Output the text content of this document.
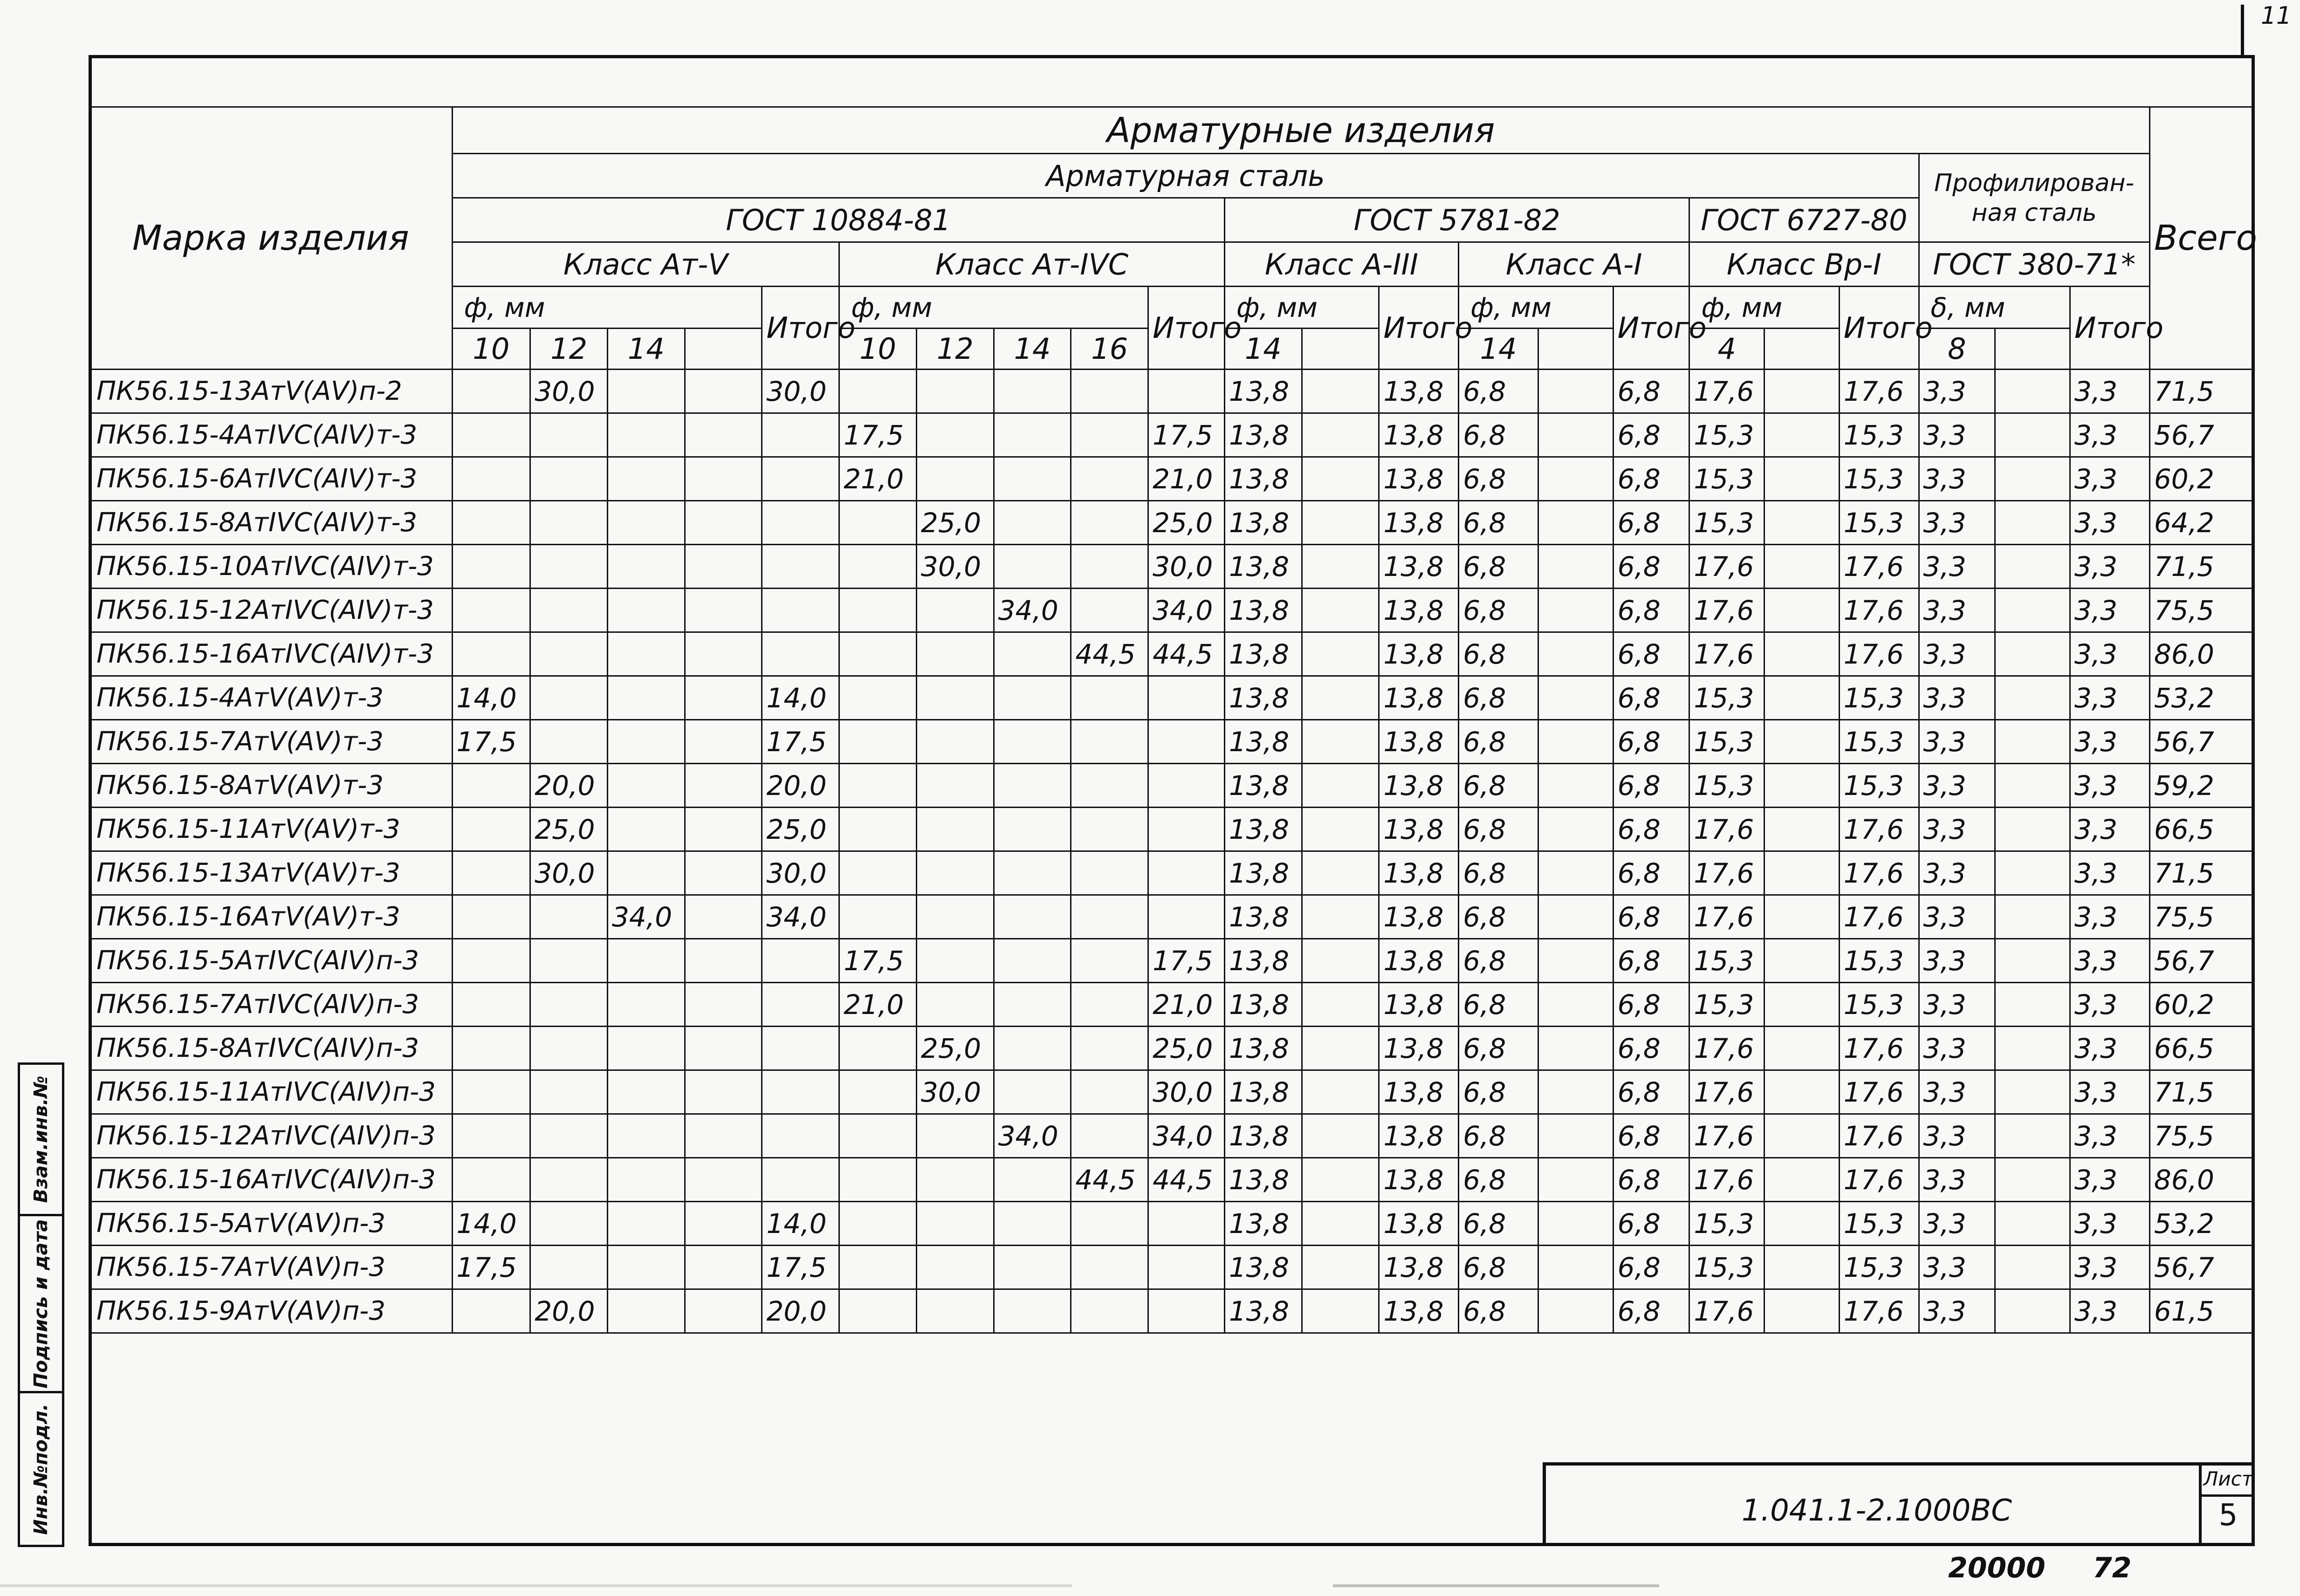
11
Марка изделия	Арматурные изделия																						Всего
	Арматурная сталь																			Профилирован-ная сталь			
	ГОСТ 10884-81										ГОСТ 5781-82						ГОСТ 6727-80						
	Класс Ат-V					Класс Ат-IVC					Класс А-III			Класс А-I			Класс Вр-I			ГОСТ 380-71*			
	ф, мм				Итого	ф, мм				Итого	ф, мм		Итого	ф, мм		Итого	ф, мм		Итого	δ, мм		Итого	
	10	12	14			10	12	14	16		14			14			4			8			
ПК56.15-13АтV(АV)п-2		30,0			30,0						13,8		13,8	6,8		6,8	17,6		17,6	3,3		3,3	71,5
ПК56.15-4АтIVC(АIV)т-3						17,5				17,5	13,8		13,8	6,8		6,8	15,3		15,3	3,3		3,3	56,7
ПК56.15-6АтIVC(АIV)т-3						21,0				21,0	13,8		13,8	6,8		6,8	15,3		15,3	3,3		3,3	60,2
ПК56.15-8АтIVC(АIV)т-3							25,0			25,0	13,8		13,8	6,8		6,8	15,3		15,3	3,3		3,3	64,2
ПК56.15-10АтIVC(АIV)т-3							30,0			30,0	13,8		13,8	6,8		6,8	17,6		17,6	3,3		3,3	71,5
ПК56.15-12АтIVC(АIV)т-3								34,0		34,0	13,8		13,8	6,8		6,8	17,6		17,6	3,3		3,3	75,5
ПК56.15-16АтIVC(АIV)т-3									44,5	44,5	13,8		13,8	6,8		6,8	17,6		17,6	3,3		3,3	86,0
ПК56.15-4АтV(АV)т-3	14,0				14,0						13,8		13,8	6,8		6,8	15,3		15,3	3,3		3,3	53,2
ПК56.15-7АтV(АV)т-3	17,5				17,5						13,8		13,8	6,8		6,8	15,3		15,3	3,3		3,3	56,7
ПК56.15-8АтV(АV)т-3		20,0			20,0						13,8		13,8	6,8		6,8	15,3		15,3	3,3		3,3	59,2
ПК56.15-11АтV(АV)т-3		25,0			25,0						13,8		13,8	6,8		6,8	17,6		17,6	3,3		3,3	66,5
ПК56.15-13АтV(АV)т-3		30,0			30,0						13,8		13,8	6,8		6,8	17,6		17,6	3,3		3,3	71,5
ПК56.15-16АтV(АV)т-3			34,0		34,0						13,8		13,8	6,8		6,8	17,6		17,6	3,3		3,3	75,5
ПК56.15-5АтIVC(АIV)п-3						17,5				17,5	13,8		13,8	6,8		6,8	15,3		15,3	3,3		3,3	56,7
ПК56.15-7АтIVC(АIV)п-3						21,0				21,0	13,8		13,8	6,8		6,8	15,3		15,3	3,3		3,3	60,2
ПК56.15-8АтIVC(АIV)п-3							25,0			25,0	13,8		13,8	6,8		6,8	17,6		17,6	3,3		3,3	66,5
ПК56.15-11АтIVC(АIV)п-3							30,0			30,0	13,8		13,8	6,8		6,8	17,6		17,6	3,3		3,3	71,5
ПК56.15-12АтIVC(АIV)п-3								34,0		34,0	13,8		13,8	6,8		6,8	17,6		17,6	3,3		3,3	75,5
ПК56.15-16АтIVC(АIV)п-3									44,5	44,5	13,8		13,8	6,8		6,8	17,6		17,6	3,3		3,3	86,0
ПК56.15-5АтV(АV)п-3	14,0				14,0						13,8		13,8	6,8		6,8	15,3		15,3	3,3		3,3	53,2
ПК56.15-7АтV(АV)п-3	17,5				17,5						13,8		13,8	6,8		6,8	15,3		15,3	3,3		3,3	56,7
ПК56.15-9АтV(АV)п-3		20,0			20,0						13,8		13,8	6,8		6,8	17,6		17,6	3,3		3,3	61,5
Взам.инв.№
Подпись и дата
Инв.№подл.	1.041.1-2.1000ВС
Лист
5
20000 72
